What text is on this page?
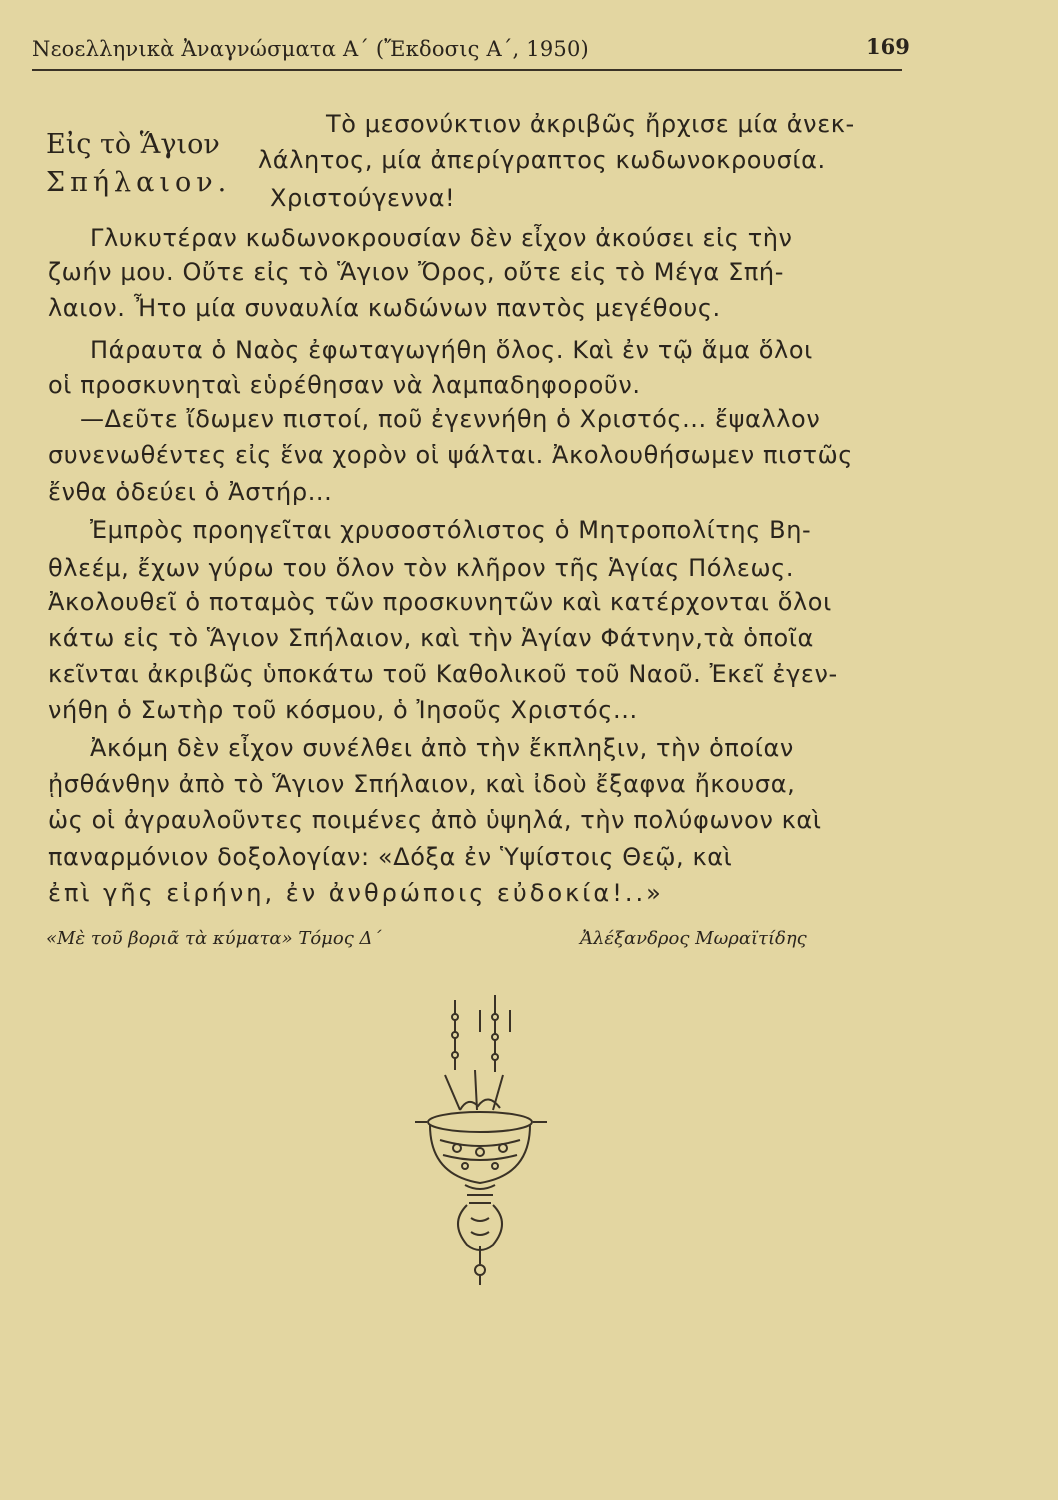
Νεοελληνικὰ Ἀναγνώσματα Α΄ (Ἔκδοσις Α΄, 1950)	169
Εἰς τὸ Ἅγιον
Σπήλαιον.
Τὸ μεσονύκτιον ἀκριβῶς ἤρχισε μία ἀνεκ-
λάλητος, μία ἀπερίγραπτος κωδωνοκρουσία.
Χριστούγεννα!
Γλυκυτέραν κωδωνοκρουσίαν δὲν εἶχον ἀκούσει εἰς τὴν
ζωήν μου. Οὔτε εἰς τὸ Ἅγιον Ὄρος, οὔτε εἰς τὸ Μέγα Σπή-
λαιον. Ἦτο μία συναυλία κωδώνων παντὸς μεγέθους.
Πάραυτα ὁ Ναὸς ἐφωταγωγήθη ὅλος. Καὶ ἐν τῷ ἅμα ὅλοι
οἱ προσκυνηταὶ εὑρέθησαν νὰ λαμπαδηφοροῦν.
—Δεῦτε ἴδωμεν πιστοί, ποῦ ἐγεννήθη ὁ Χριστός... ἔψαλλον
συνενωθέντες εἰς ἕνα χορὸν οἱ ψάλται. Ἀκολουθήσωμεν πιστῶς
ἔνθα ὁδεύει ὁ Ἀστήρ...
Ἐμπρὸς προηγεῖται χρυσοστόλιστος ὁ Μητροπολίτης Βη-
θλεέμ, ἔχων γύρω του ὅλον τὸν κλῆρον τῆς Ἁγίας Πόλεως.
Ἀκολουθεῖ ὁ ποταμὸς τῶν προσκυνητῶν καὶ κατέρχονται ὅλοι
κάτω εἰς τὸ Ἅγιον Σπήλαιον, καὶ τὴν Ἁγίαν Φάτνην,τὰ ὁποῖα
κεῖνται ἀκριβῶς ὑποκάτω τοῦ Καθολικοῦ τοῦ Ναοῦ. Ἐκεῖ ἐγεν-
νήθη ὁ Σωτὴρ τοῦ κόσμου, ὁ Ἰησοῦς Χριστός...
Ἀκόμη δὲν εἶχον συνέλθει ἀπὸ τὴν ἔκπληξιν, τὴν ὁποίαν
ᾐσθάνθην ἀπὸ τὸ Ἅγιον Σπήλαιον, καὶ ἰδοὺ ἔξαφνα ἤκουσα,
ὡς οἱ ἀγραυλοῦντες ποιμένες ἀπὸ ὑψηλά, τὴν πολύφωνον καὶ
παναρμόνιον δοξολογίαν: «Δόξα ἐν Ὑψίστοις Θεῷ, καὶ
ἐπὶ γῆς εἰρήνη, ἐν ἀνθρώποις εὐδοκία!..»
«Μὲ τοῦ βοριᾶ τὰ κύματα» Τόμος Δ΄	Ἀλέξανδρος Μωραϊτίδης
